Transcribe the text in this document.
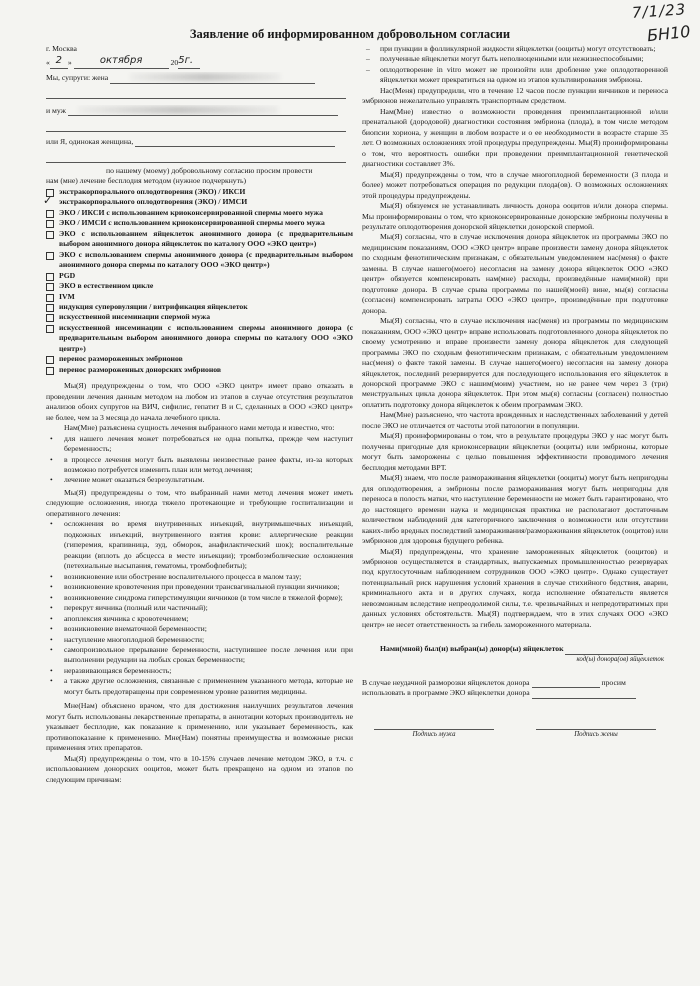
7/1/23
БН10
Заявление об информированном добровольном согласии
г. Москва
« 2 »	октября	205г.
Мы, супруги: жена
и муж
или Я, одинокая женщина,
по нашему (моему) добровольному согласию просим провести
нам (мне) лечение бесплодия методом (нужное подчеркнуть)
экстракорпорального оплодотворения (ЭКО) / ИКСИ
✓
экстракорпорального оплодотворения (ЭКО) / ИМСИ
ЭКО / ИКСИ с использованием криоконсервированной спермы моего мужа
ЭКО / ИМСИ с использованием криоконсервированной спермы моего мужа
ЭКО с использованием яйцеклеток анонимного донора (с предварительным выбором анонимного донора яйцеклеток по каталогу ООО «ЭКО центр»)
ЭКО с использованием спермы анонимного донора (с предварительным выбором анонимного донора спермы по каталогу ООО «ЭКО центр»)
PGD
ЭКО в естественном цикле
IVM
индукция суперовуляции / витрификация яйцеклеток
искусственной инсеминации спермой мужа
искусственной инсеминации с использованием спермы анонимного донора (с предварительным выбором анонимного донора спермы по каталогу ООО «ЭКО центр»)
перенос размороженных эмбрионов
перенос размороженных донорских эмбрионов

Мы(Я) предупреждены о том, что ООО «ЭКО центр» имеет право отказать в проведении лечения данным методом на любом из этапов в случае отсутствия результатов анализов обоих супругов на ВИЧ, сифилис, гепатит В и С, сделанных в ООО «ЭКО центр» не более, чем за 3 месяца до начала лечебного цикла.

Нам(Мне) разъяснена сущность лечения выбранного нами метода и известно, что:

•	для нашего лечения может потребоваться не одна попытка, прежде чем наступит беременность;
•	в процессе лечения могут быть выявлены неизвестные ранее факты, из-за которых возможно потребуется изменить план или метод лечения;
•	лечение может оказаться безрезультатным.

Мы(Я) предупреждены о том, что выбранный нами метод лечения может иметь следующие осложнения, иногда тяжело протекающие и требующие госпитализации и оперативного лечения:

•	осложнения во время внутривенных инъекций, внутримышечных инъекций, подкожных инъекций, внутривенного взятия крови: аллергические реакции (гиперемия, крапивница, зуд, обморок, анафилактический шок); воспалительные реакции (вплоть до абсцесса в месте инъекции); тромбоэмболические осложнения (петехиальные высыпания, гематомы, тромбофлебиты);
•	возникновение или обострение воспалительного процесса в малом тазу;
•	возникновение кровотечения при проведении трансвагинальной пункции яичников;
•	возникновение синдрома гиперстимуляции яичников (в том числе в тяжелой форме);
•	перекрут яичника (полный или частичный);
•	апоплексия яичника с кровотечением;
•	возникновение внематочной беременности;
•	наступление многоплодной беременности;
•	самопроизвольное прерывание беременности, наступившее после лечения или при выполнении редукции на любых сроках беременности;
•	неразвивающаяся беременность;
•	а также другие осложнения, связанные с применением указанного метода, которые не могут быть предотвращены при современном уровне развития медицины.

Мне(Нам) объяснено врачом, что для достижения наилучших результатов лечения могут быть использованы лекарственные препараты, в аннотации которых производитель не указывает бесплодие, как показание к применению, или указывает беременность, как противопоказание к применению. Мне(Нам) понятны преимущества и возможные риски применения этих препаратов.

Мы(Я) предупреждены о том, что в 10-15% случаев лечение методом ЭКО, в т.ч. с использованием донорских ооцитов, может быть прекращено на одном из этапов по следующим причинам:

–	при пункции в фолликулярной жидкости яйцеклетки (ооциты) могут отсутствовать;
–	полученные яйцеклетки могут быть неполноценными или нежизнеспособными;
–	оплодотворение in vitro может не произойти или дробление уже оплодотворенной яйцеклетки может прекратиться на одном из этапов культивирования эмбриона.

Нас(Меня) предупредили, что в течение 12 часов после пункции яичников и переноса эмбрионов нежелательно управлять транспортным средством.

Нам(Мне) известно о возможности проведения преимплантационной и/или пренатальной (дородовой) диагностики состояния эмбриона (плода), в том числе методом биопсии хориона, у женщин в любом возрасте и о ее необходимости в возрасте старше 35 лет. О возможных осложнениях этой процедуры предупреждены. Мы(Я) проинформированы о том, что вероятность ошибки при проведении преимплантационной генетической диагностики составляет 3%.

Мы(Я) предупреждены о том, что в случае многоплодной беременности (3 плода и более) может потребоваться операция по редукции плода(ов). О возможных осложнениях этой процедуры предупреждены.

Мы(Я) обязуемся не устанавливать личность донора ооцитов и/или донора спермы. Мы проинформированы о том, что криоконсервированные донорские эмбрионы получены в результате оплодотворения донорской яйцеклетки донорской спермой.

Мы(Я) согласны, что в случае исключения донора яйцеклеток из программы ЭКО по медицинским показаниям, ООО «ЭКО центр» вправе произвести замену донора яйцеклеток по сходным фенотипическим признакам, с обязательным уведомлением нас(меня) о факте замены. В случае нашего(моего) несогласия на замену донора яйцеклеток ООО «ЭКО центр» обязуется компенсировать нам(мне) расходы, произведённые нами(мной) при подготовке донора. В случае срыва программы по нашей(моей) вине, мы(я) согласны (согласен) компенсировать затраты ООО «ЭКО центр», произведённые при подготовке донора.

Мы(Я) согласны, что в случае исключения нас(меня) из программы по медицинским показаниям, ООО «ЭКО центр» вправе использовать подготовленного донора яйцеклеток по своему усмотрению и вправе произвести замену донора яйцеклеток для следующей программы ЭКО по сходным фенотипическим признакам, с обязательным уведомлением нас(меня) о факте такой замены. В случае нашего(моего) несогласия на замену донора яйцеклеток, последний резервируется для последующего использования его яйцеклеток в донорской программе ЭКО с нашим(моим) участием, но не ранее чем через 3 (три) менструальных цикла донора яйцеклеток. При этом мы(я) согласны (согласен) полностью оплатить подготовку донора яйцеклеток к обеим программам ЭКО.

Нам(Мне) разъяснено, что частота врожденных и наследственных заболеваний у детей после ЭКО не отличается от частоты этой патологии в популяции.

Мы(Я) проинформированы о том, что в результате процедуры ЭКО у нас могут быть получены пригодные для криоконсервации яйцеклетки (ооциты) или эмбрионы, которые могут быть заморожены с целью повышения эффективности проводимого лечения бесплодия методами ВРТ.

Мы(Я) знаем, что после размораживания яйцеклетки (ооциты) могут быть непригодны для оплодотворения, а эмбрионы после размораживания могут быть непригодны для переноса в полость матки, что наступление беременности не может быть гарантировано, что до настоящего времени наука и медицинская практика не располагают достаточным количеством наблюдений для категоричного заключения о возможности или отсутствии каких-либо вредных последствий замораживания/размораживания яйцеклеток (ооцитов) или эмбрионов для здоровья будущего ребенка.

Мы(Я) предупреждены, что хранение замороженных яйцеклеток (ооцитов) и эмбрионов осуществляется в стандартных, выпускаемых промышленностью резервуарах под круглосуточным наблюдением сотрудников ООО «ЭКО центр». Однако существует потенциальный риск нарушения условий хранения в случае стихийного бедствия, аварии, криминального акта и в других случаях, когда исполнение обязательств является невозможным вследствие непреодолимой силы, т.е. чрезвычайных и непредотвратимых при данных условиях обстоятельств. Мы(Я) подтверждаем, что в этих случаях ООО «ЭКО центр» не несет ответственность за гибель замороженного материала.

Нами(мной) был(и) выбран(ы) донор(ы) яйцеклеток
код(ы) донора(ов) яйцеклеток
В случае неудачной разморозки яйцеклеток донора	просим
использовать в программе ЭКО яйцеклетки донора
Подпись мужа	Подпись жены
